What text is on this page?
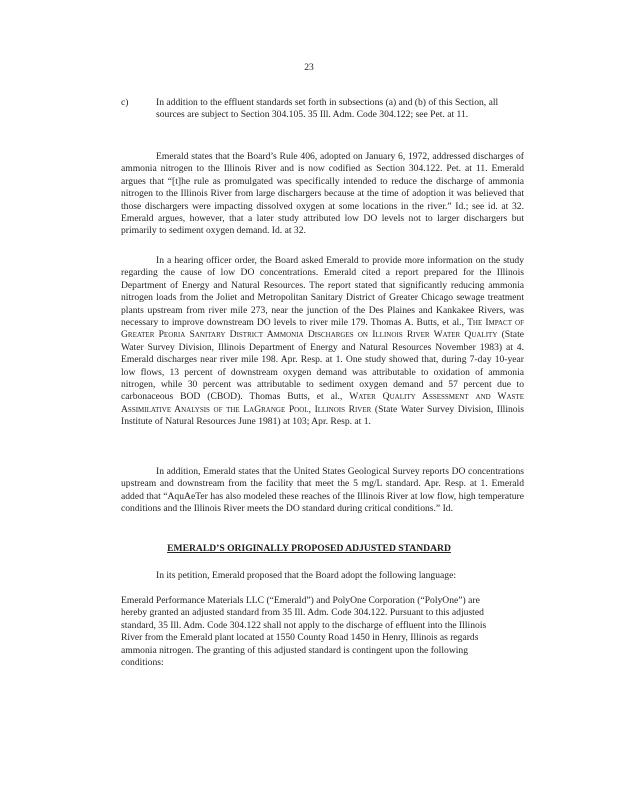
23
c)	In addition to the effluent standards set forth in subsections (a) and (b) of this Section, all sources are subject to Section 304.105. 35 Ill. Adm. Code 304.122; see Pet. at 11.
Emerald states that the Board’s Rule 406, adopted on January 6, 1972, addressed discharges of ammonia nitrogen to the Illinois River and is now codified as Section 304.122. Pet. at 11. Emerald argues that “[t]he rule as promulgated was specifically intended to reduce the discharge of ammonia nitrogen to the Illinois River from large dischargers because at the time of adoption it was believed that those dischargers were impacting dissolved oxygen at some locations in the river.” Id.; see id. at 32. Emerald argues, however, that a later study attributed low DO levels not to larger dischargers but primarily to sediment oxygen demand. Id. at 32.
In a hearing officer order, the Board asked Emerald to provide more information on the study regarding the cause of low DO concentrations. Emerald cited a report prepared for the Illinois Department of Energy and Natural Resources. The report stated that significantly reducing ammonia nitrogen loads from the Joliet and Metropolitan Sanitary District of Greater Chicago sewage treatment plants upstream from river mile 273, near the junction of the Des Plaines and Kankakee Rivers, was necessary to improve downstream DO levels to river mile 179. Thomas A. Butts, et al., The Impact of Greater Peoria Sanitary District Ammonia Discharges on Illinois River Water Quality (State Water Survey Division, Illinois Department of Energy and Natural Resources November 1983) at 4. Emerald discharges near river mile 198. Apr. Resp. at 1. One study showed that, during 7-day 10-year low flows, 13 percent of downstream oxygen demand was attributable to oxidation of ammonia nitrogen, while 30 percent was attributable to sediment oxygen demand and 57 percent due to carbonaceous BOD (CBOD). Thomas Butts, et al., Water Quality Assessment and Waste Assimilative Analysis of the LaGrange Pool, Illinois River (State Water Survey Division, Illinois Institute of Natural Resources June 1981) at 103; Apr. Resp. at 1.
In addition, Emerald states that the United States Geological Survey reports DO concentrations upstream and downstream from the facility that meet the 5 mg/L standard. Apr. Resp. at 1. Emerald added that “AquAeTer has also modeled these reaches of the Illinois River at low flow, high temperature conditions and the Illinois River meets the DO standard during critical conditions.” Id.
EMERALD’S ORIGINALLY PROPOSED ADJUSTED STANDARD
In its petition, Emerald proposed that the Board adopt the following language:
Emerald Performance Materials LLC (“Emerald”) and PolyOne Corporation (“PolyOne”) are hereby granted an adjusted standard from 35 Ill. Adm. Code 304.122. Pursuant to this adjusted standard, 35 Ill. Adm. Code 304.122 shall not apply to the discharge of effluent into the Illinois River from the Emerald plant located at 1550 County Road 1450 in Henry, Illinois as regards ammonia nitrogen. The granting of this adjusted standard is contingent upon the following conditions:
